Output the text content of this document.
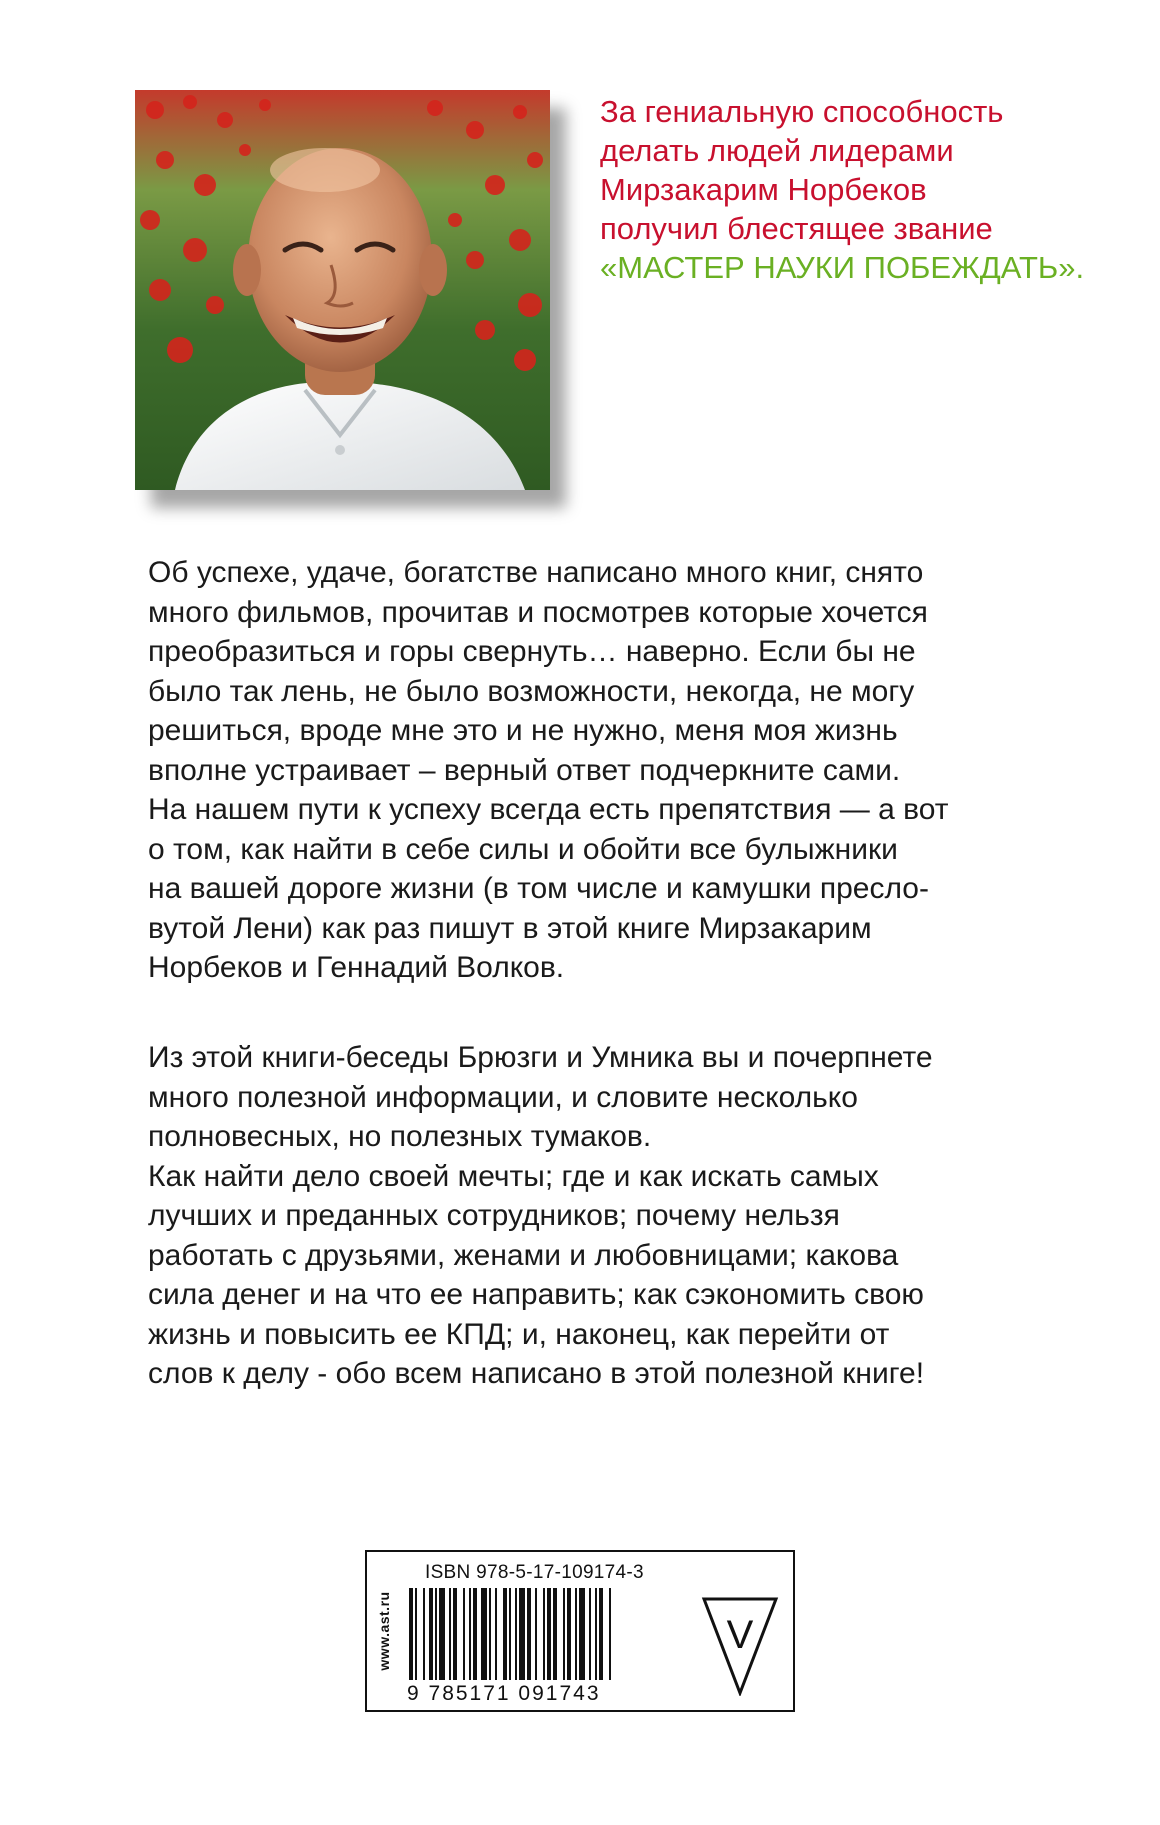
За гениальную способность
делать людей лидерами
Мирзакарим Норбеков
получил блестящее звание
«МАСТЕР НАУКИ ПОБЕЖДАТЬ».
Об успехе, удаче, богатстве написано много книг, снято
много фильмов, прочитав и посмотрев которые хочется
преобразиться и горы свернуть… наверно. Если бы не
было так лень, не было возможности, некогда, не могу
решиться, вроде мне это и не нужно, меня моя жизнь
вполне устраивает – верный ответ подчеркните сами.
На нашем пути к успеху всегда есть препятствия — а вот
о том, как найти в себе силы и обойти все булыжники
на вашей дороге жизни (в том числе и камушки пресло-
вутой Лени) как раз пишут в этой книге Мирзакарим
Норбеков и Геннадий Волков.
Из этой книги-беседы Брюзги и Умника вы и почерпнете
много полезной информации, и словите несколько
полновесных, но полезных тумаков.
Как найти дело своей мечты; где и как искать самых
лучших и преданных сотрудников; почему нельзя
работать с друзьями, женами и любовницами; какова
сила денег и на что ее направить; как сэкономить свою
жизнь и повысить ее КПД; и, наконец, как перейти от
слов к делу - обо всем написано в этой полезной книге!
www.ast.ru
ISBN 978-5-17-109174-3
9 785171 091743
V
